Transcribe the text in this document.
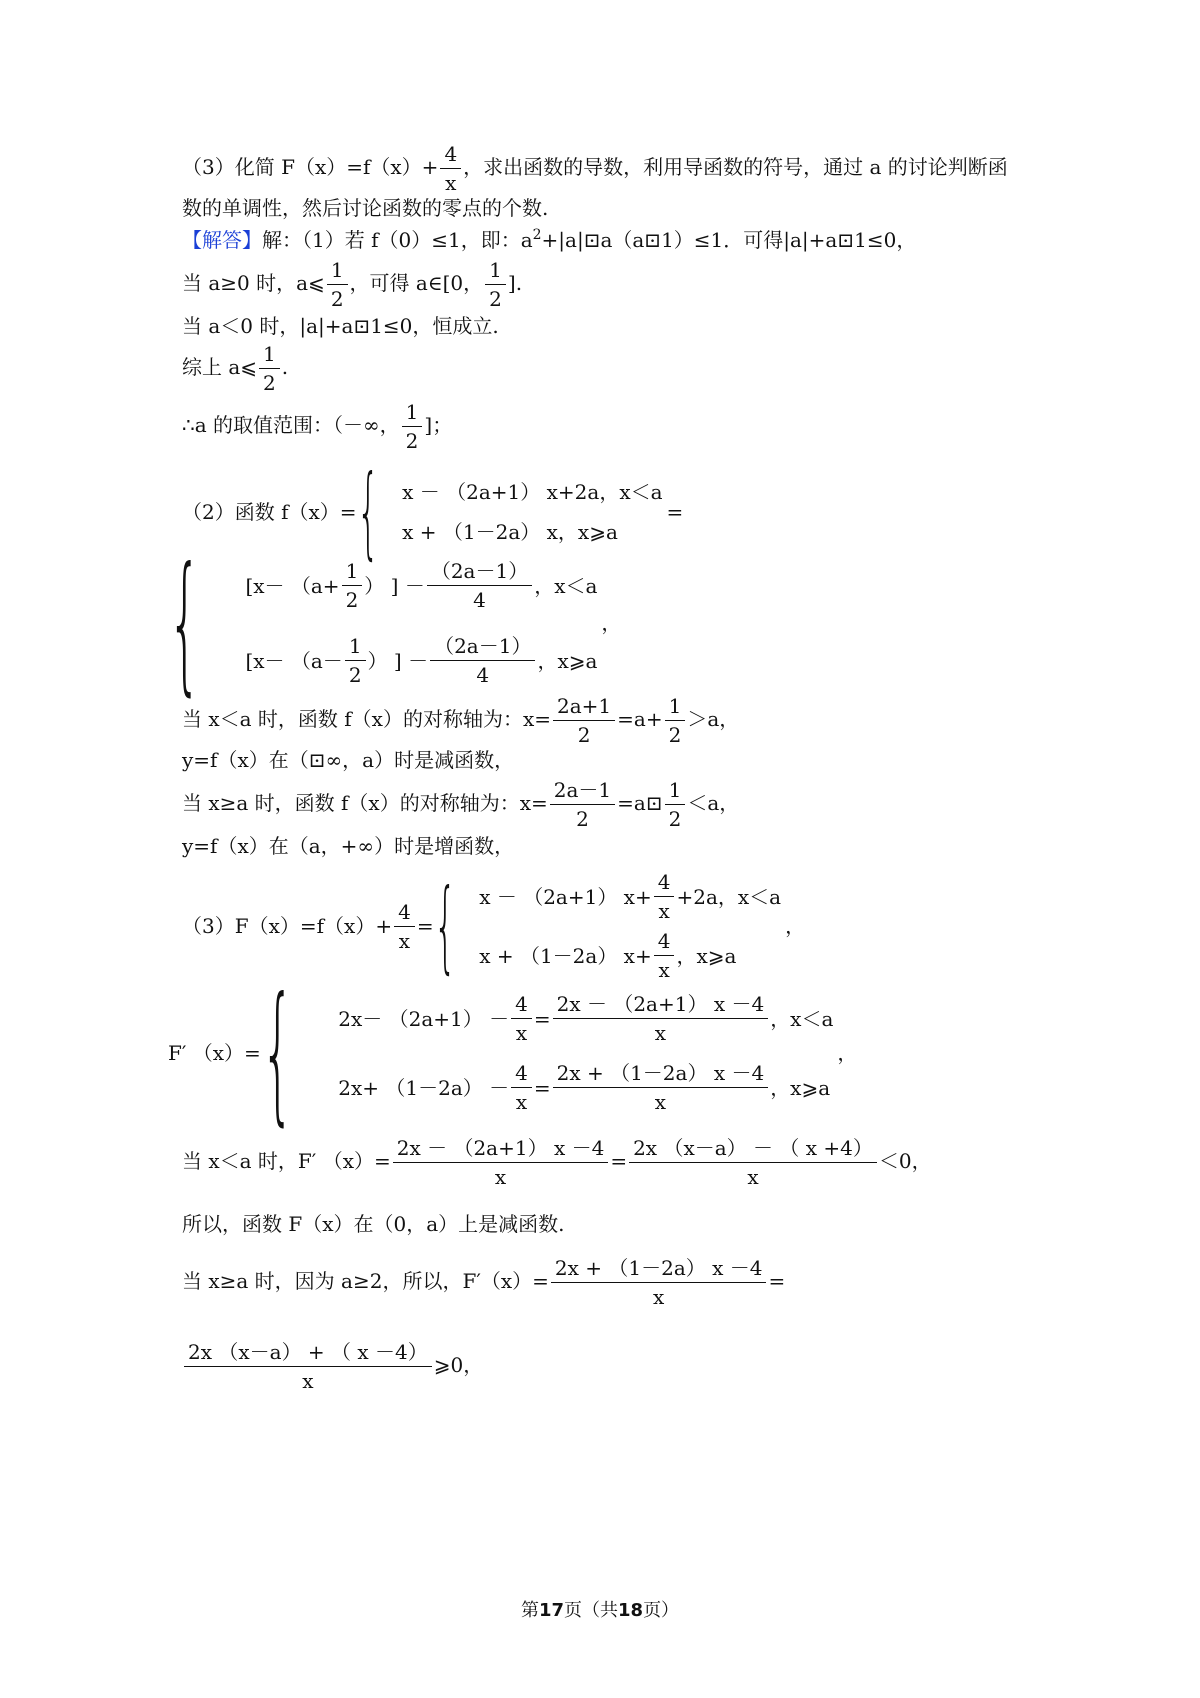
（3）化简 $F(x)=f(x)+ \frac{4}{x}$ ，求出函数的导数，利用导函数的符号，通过 a 的讨论判断函
数的单调性，然后讨论函数的零点的个数.
【解答】解：（1）若 f（0）≤1，即：$a^2+|a|⊡a(a⊡1)\le 1$．可得|a|+a⊡1≤0，
当 a≥0 时，a⩽ $\frac{1}{2}$ ，可得 a∈[0， $\frac{1}{2}$ ].
当 a＜0 时，|a|+a⊡1≤0，恒成立.
综上 a⩽ $\frac{1}{2}$ .
∴a 的取值范围：（－∞， $\frac{1}{2}$ ]；
（2）函数 f（x）= { x － （2a+1） x+2a，x＜a
x + （1－2a） x，x⩾a
=
{ [$x- (a+ \frac{1}{2}$ ） ] － $\frac{(2a-1)}{4}$ ，x＜a
[$x- (a- \frac{1}{2}$ ） ] － $\frac{(2a-1)}{4}$ ，x⩾a
，
当 x＜a 时，函数 f（x）的对称轴为：$x= \frac{2a+1}{2} =a+ \frac{1}{2} >a$，
y=f（x）在（⊡∞，a）时是减函数，
当 x≥a 时，函数 f（x）的对称轴为：$x= \frac{2a-1}{2}$ =a⊡ $\frac{1}{2} <a$，
y=f（x）在（a，+∞）时是增函数，
$(3)F(x)=f(x)+ \frac{4}{x}$ = { x － （2a+1） $x+ \frac{4}{x} +2a$，x＜a
x + （1－2a） $x+ \frac{4}{x}$ ，x⩾a
，
F′ （x）= { $2x- (2a+1) - \frac{4}{x} = \frac{2x - (2a+1) x -4}{x}$ ，x＜a
$2x+ (1-2a) - \frac{4}{x} = \frac{2x + (1-2a) x -4}{x}$ ，x⩾a
，
当 x＜a 时，F′ $(x)= \frac{2x - (2a+1) x -4}{x} = \frac{2x (x-a) - ( x +4)}{x} <0$，
所以，函数 F（x）在（0，a）上是减函数.
当 x≥a 时，因为 a≥2，所以，$F'(x)= \frac{2x + (1-2a) x -4}{x}$ =
$\frac{2x (x-a) + ( x -4)}{x}$ ⩾0，
第17页（共18页）
